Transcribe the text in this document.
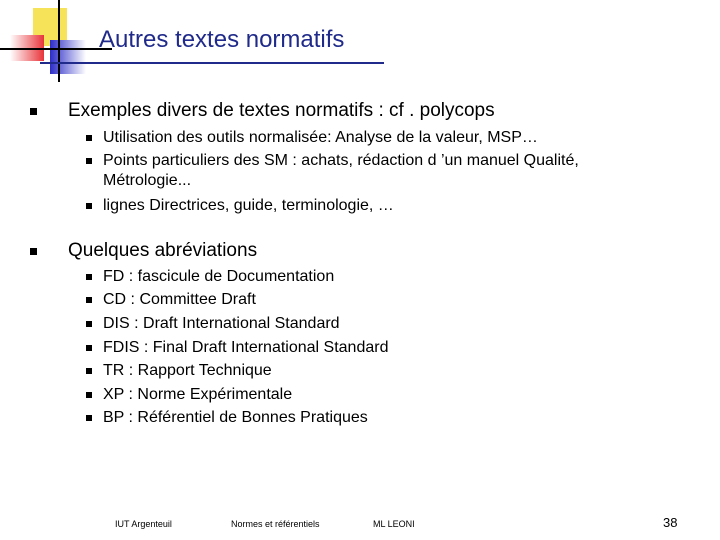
Autres textes normatifs
Exemples divers de textes normatifs : cf . polycops
Utilisation des outils normalisée: Analyse de la valeur, MSP…
Points particuliers des SM : achats, rédaction d ’un manuel Qualité, Métrologie...
lignes Directrices, guide, terminologie, …
Quelques abréviations
FD : fascicule de Documentation
CD : Committee Draft
DIS : Draft International Standard
FDIS : Final Draft International Standard
TR : Rapport Technique
XP : Norme Expérimentale
BP : Référentiel de Bonnes Pratiques
IUT Argenteuil	Normes et référentiels	ML LEONI	38
